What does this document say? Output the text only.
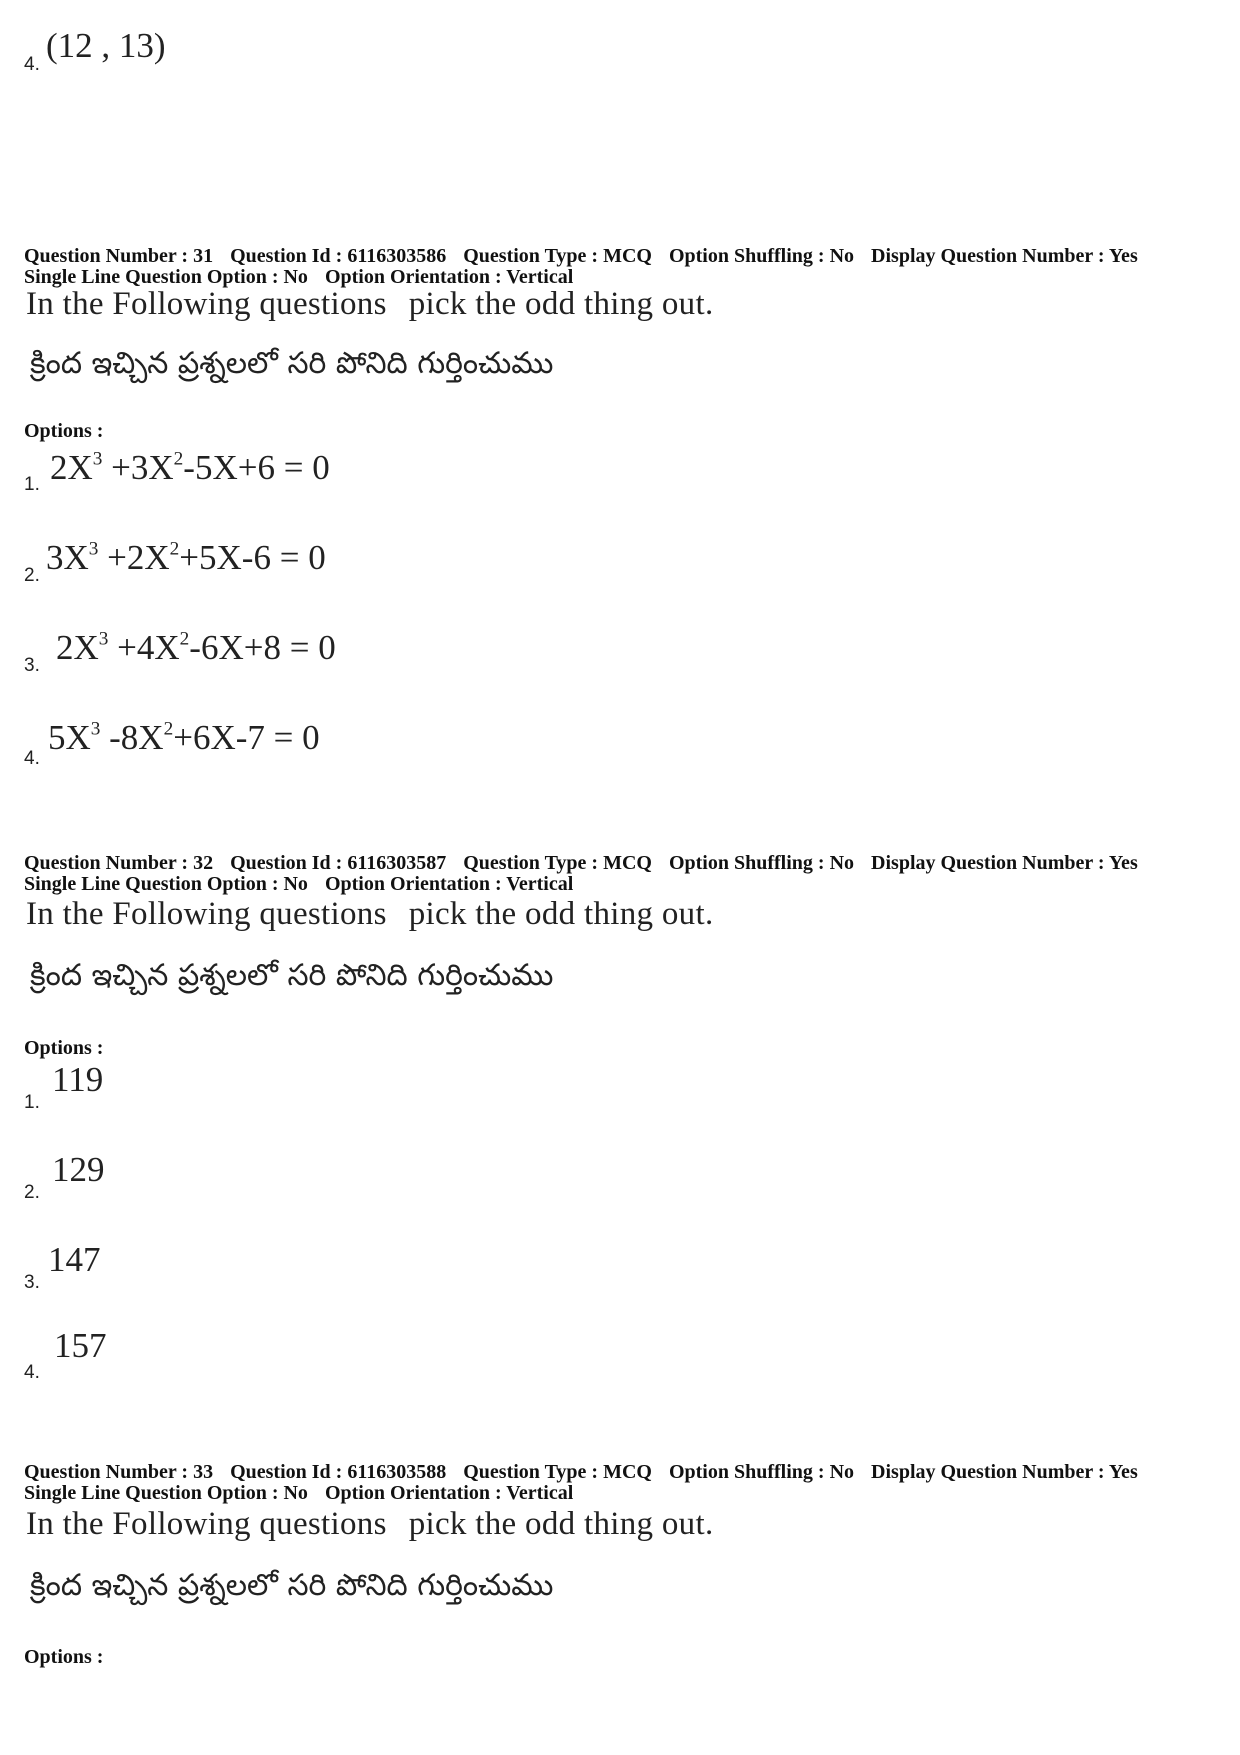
4. (12 , 13)
Question Number : 31 Question Id : 6116303586 Question Type : MCQ Option Shuffling : No Display Question Number : Yes
Single Line Question Option : No Option Orientation : Vertical
In the Following questions pick the odd thing out.
క్రింద ఇచ్చిన ప్రశ్నలలో సరి పోనిది గుర్తించుము
Options :
1. $2X^3 +3X^2-5X+6 = 0$
2. $3X^3 +2X^2+5X-6 = 0$
3. $2X^3 +4X^2-6X+8 = 0$
4.
$5X^3$ $-8X^2+6X-7 = 0$
Question Number : 32 Question Id : 6116303587 Question Type : MCQ Option Shuffling : No Display Question Number : Yes
Single Line Question Option : No Option Orientation : Vertical
In the Following questions pick the odd thing out.
క్రింద ఇచ్చిన ప్రశ్నలలో సరి పోనిది గుర్తించుము
Options :
1.
119
2.
129
3.
147
4.
157
Question Number : 33 Question Id : 6116303588 Question Type : MCQ Option Shuffling : No Display Question Number : Yes
Single Line Question Option : No Option Orientation : Vertical
In the Following questions pick the odd thing out.
క్రింద ఇచ్చిన ప్రశ్నలలో సరి పోనిది గుర్తించుము
Options :
